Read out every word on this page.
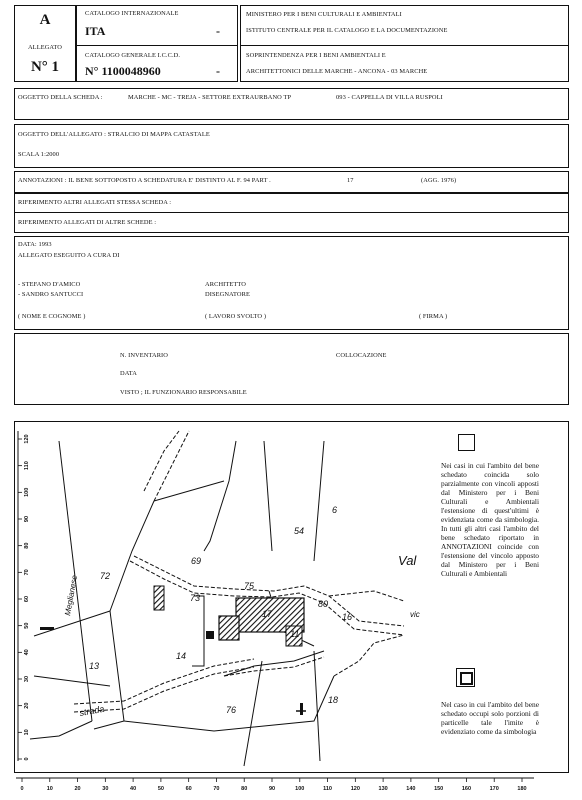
A
ALLEGATO
N° 1
CATALOGO INTERNAZIONALE
ITA	-
CATALOGO GENERALE I.C.C.D.
N° 1100048960	-
MINISTERO PER I BENI CULTURALI E AMBIENTALI
ISTITUTO CENTRALE PER IL CATALOGO E LA DOCUMENTAZIONE
SOPRINTENDENZA PER I BENI AMBIENTALI E
ARCHITETTONICI DELLE MARCHE - ANCONA - 03 MARCHE
OGGETTO DELLA SCHEDA :	MARCHE - MC - TREJA - SETTORE EXTRAURBANO TP	093 - CAPPELLA DI VILLA RUSPOLI
OGGETTO DELL'ALLEGATO : STRALCIO DI MAPPA CATASTALE
SCALA 1:2000
ANNOTAZIONI : IL BENE SOTTOPOSTO A SCHEDATURA E' DISTINTO AL F. 94 PART .	17	(AGG. 1976)
RIFERIMENTO ALTRI ALLEGATI STESSA SCHEDA :
RIFERIMENTO ALLEGATI DI ALTRE SCHEDE :
DATA: 1993
ALLEGATO ESEGUITO A CURA DI
- STEFANO D'AMICO	ARCHITETTO
- SANDRO SANTUCCI	DISEGNATORE
( NOME E COGNOME )	( LAVORO SVOLTO )	( FIRMA )
N. INVENTARIO	COLLOCAZIONE
DATA
VISTO ; IL FUNZIONARIO RESPONSABILE
0
10
20
30
40
50
60
70
80
90
100
110
120
6
54
72
69
75
73
80
16
17
11
13
14
76
18
Val
vic
Meglianese
strada
0	10	20	30	40	50	60	70	80	90	100	110	120	130	140	150	160	170	180
Nei casi in cui l'ambito del bene schedato coincida solo parzialmente con vincoli apposti dal Ministero per i Beni Culturali e Ambientali l'estensione di quest'ultimi è evidenziata come da simbologia. In tutti gli altri casi l'ambito del bene schedato riportato in ANNOTAZIONI coincide con l'estensione del vincolo apposto dal Ministero per i Beni Culturali e Ambientali
Nel caso in cui l'ambito del bene schedato occupi solo porzioni di particelle tale l'imite è evidenziato come da simbologia
